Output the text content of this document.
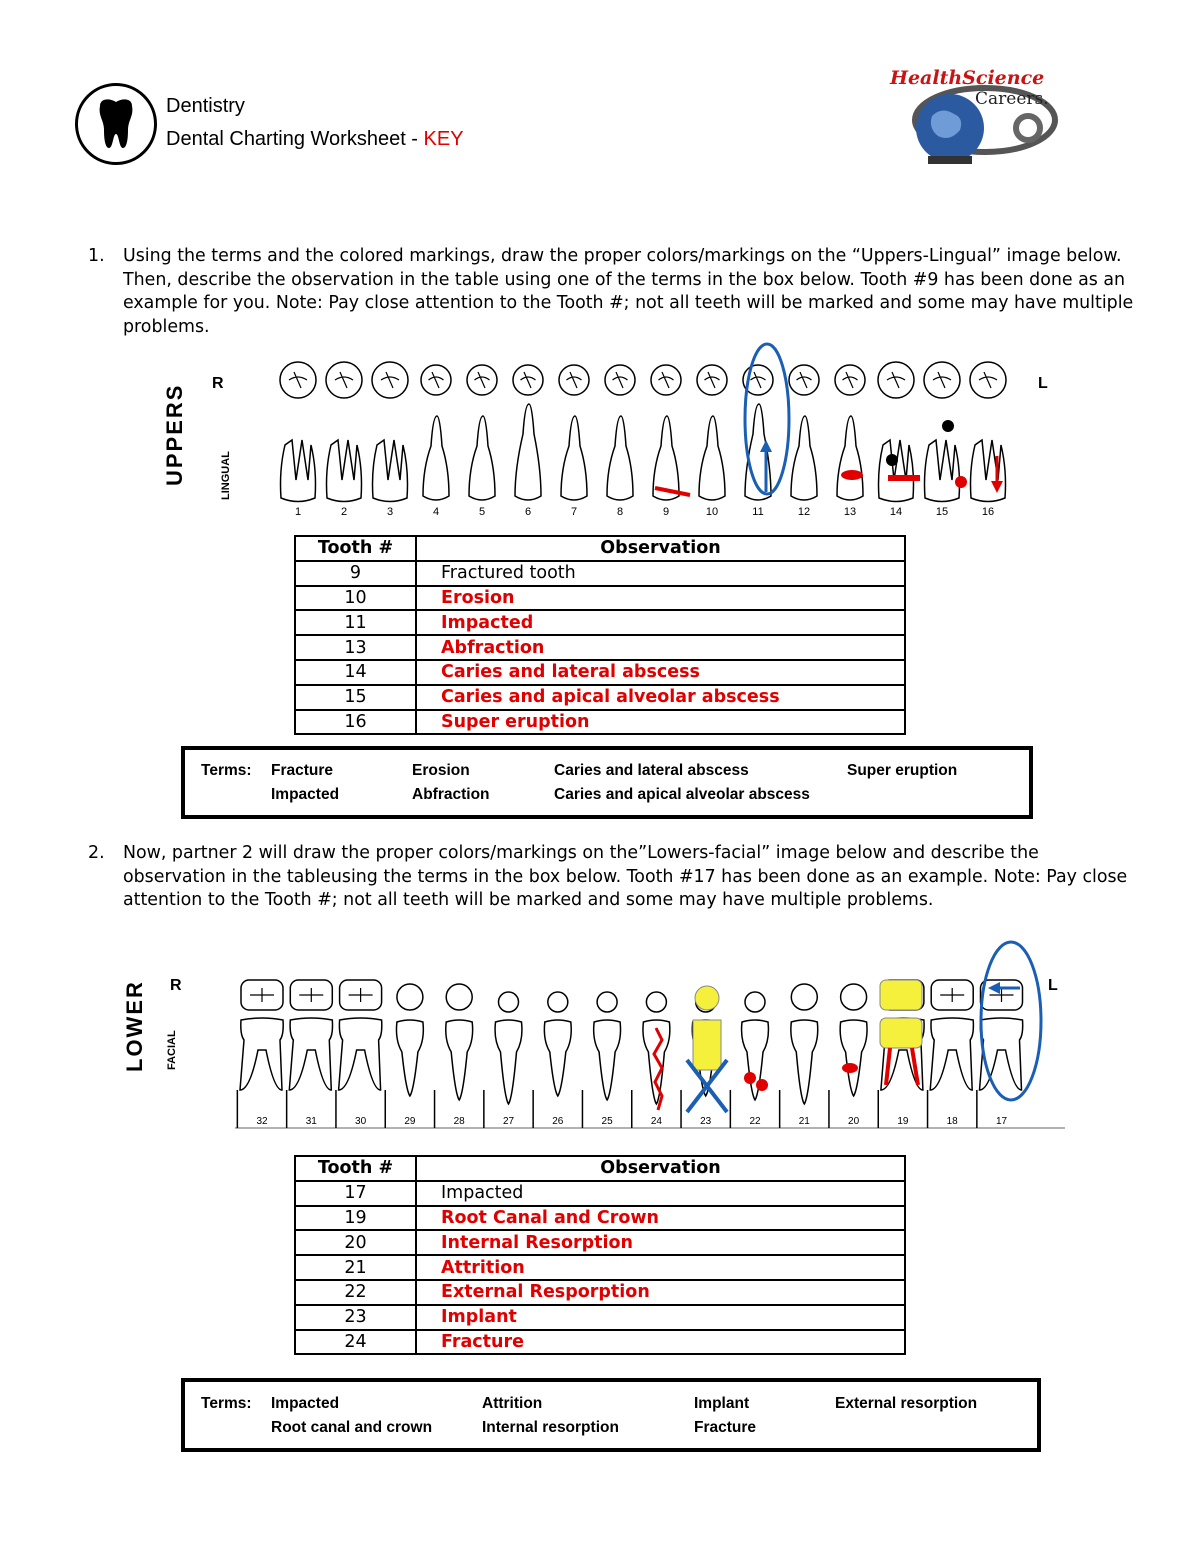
Dentistry
Dental Charting Worksheet - KEY
HealthScience
Careers.
1. Using the terms and the colored markings, draw the proper colors/markings on the “Uppers-Lingual” image below. Then, describe the observation in the table using one of the terms in the box below. Tooth #9 has been done as an example for you. Note: Pay close attention to the Tooth #; not all teeth will be marked and some may have multiple problems.
UPPERS	LINGUAL
R	L
1	2	3	4	5	6	7	8	9	10	11	12	13	14	15	16
Tooth #	Observation
9	Fractured tooth
10	Erosion
11	Impacted
13	Abfraction
14	Caries and lateral abscess
15	Caries and apical alveolar abscess
16	Super eruption
Terms: Fracture	Erosion	Caries and lateral abscess	Super eruption
Impacted	Abfraction	Caries and apical alveolar abscess
2. Now, partner 2 will draw the proper colors/markings on the”Lowers-facial” image below and describe the observation in the tableusing the terms in the box below. Tooth #17 has been done as an example. Note: Pay close attention to the Tooth #; not all teeth will be marked and some may have multiple problems.
LOWER FACIAL
R	L
32	31	30	29	28	27	26	25	24	23	22	21	20	19	18	17
Tooth #	Observation
17	Impacted
19	Root Canal and Crown
20	Internal Resorption
21	Attrition
22	External Resporption
23	Implant
24	Fracture
Terms: Impacted	Attrition	Implant	External resorption
Root canal and crown	Internal resorption	Fracture
